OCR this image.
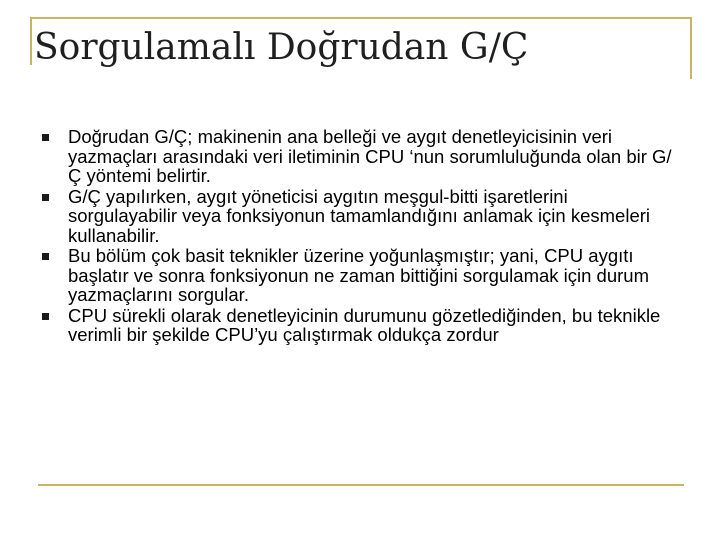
Sorgulamalı Doğrudan G/Ç
Doğrudan G/Ç; makinenin ana belleği ve aygıt denetleyicisinin veri yazmaçları arasındaki veri iletiminin CPU ‘nun sorumluluğunda olan bir G/Ç yöntemi belirtir.
G/Ç yapılırken, aygıt yöneticisi aygıtın meşgul-bitti işaretlerini sorgulayabilir veya fonksiyonun tamamlandığını anlamak için kesmeleri kullanabilir.
Bu bölüm çok basit teknikler üzerine yoğunlaşmıştır; yani, CPU aygıtı başlatır ve sonra fonksiyonun ne zaman bittiğini sorgulamak için durum yazmaçlarını sorgular.
CPU sürekli olarak denetleyicinin durumunu gözetlediğinden, bu teknikle verimli bir şekilde CPU’yu çalıştırmak oldukça zordur
